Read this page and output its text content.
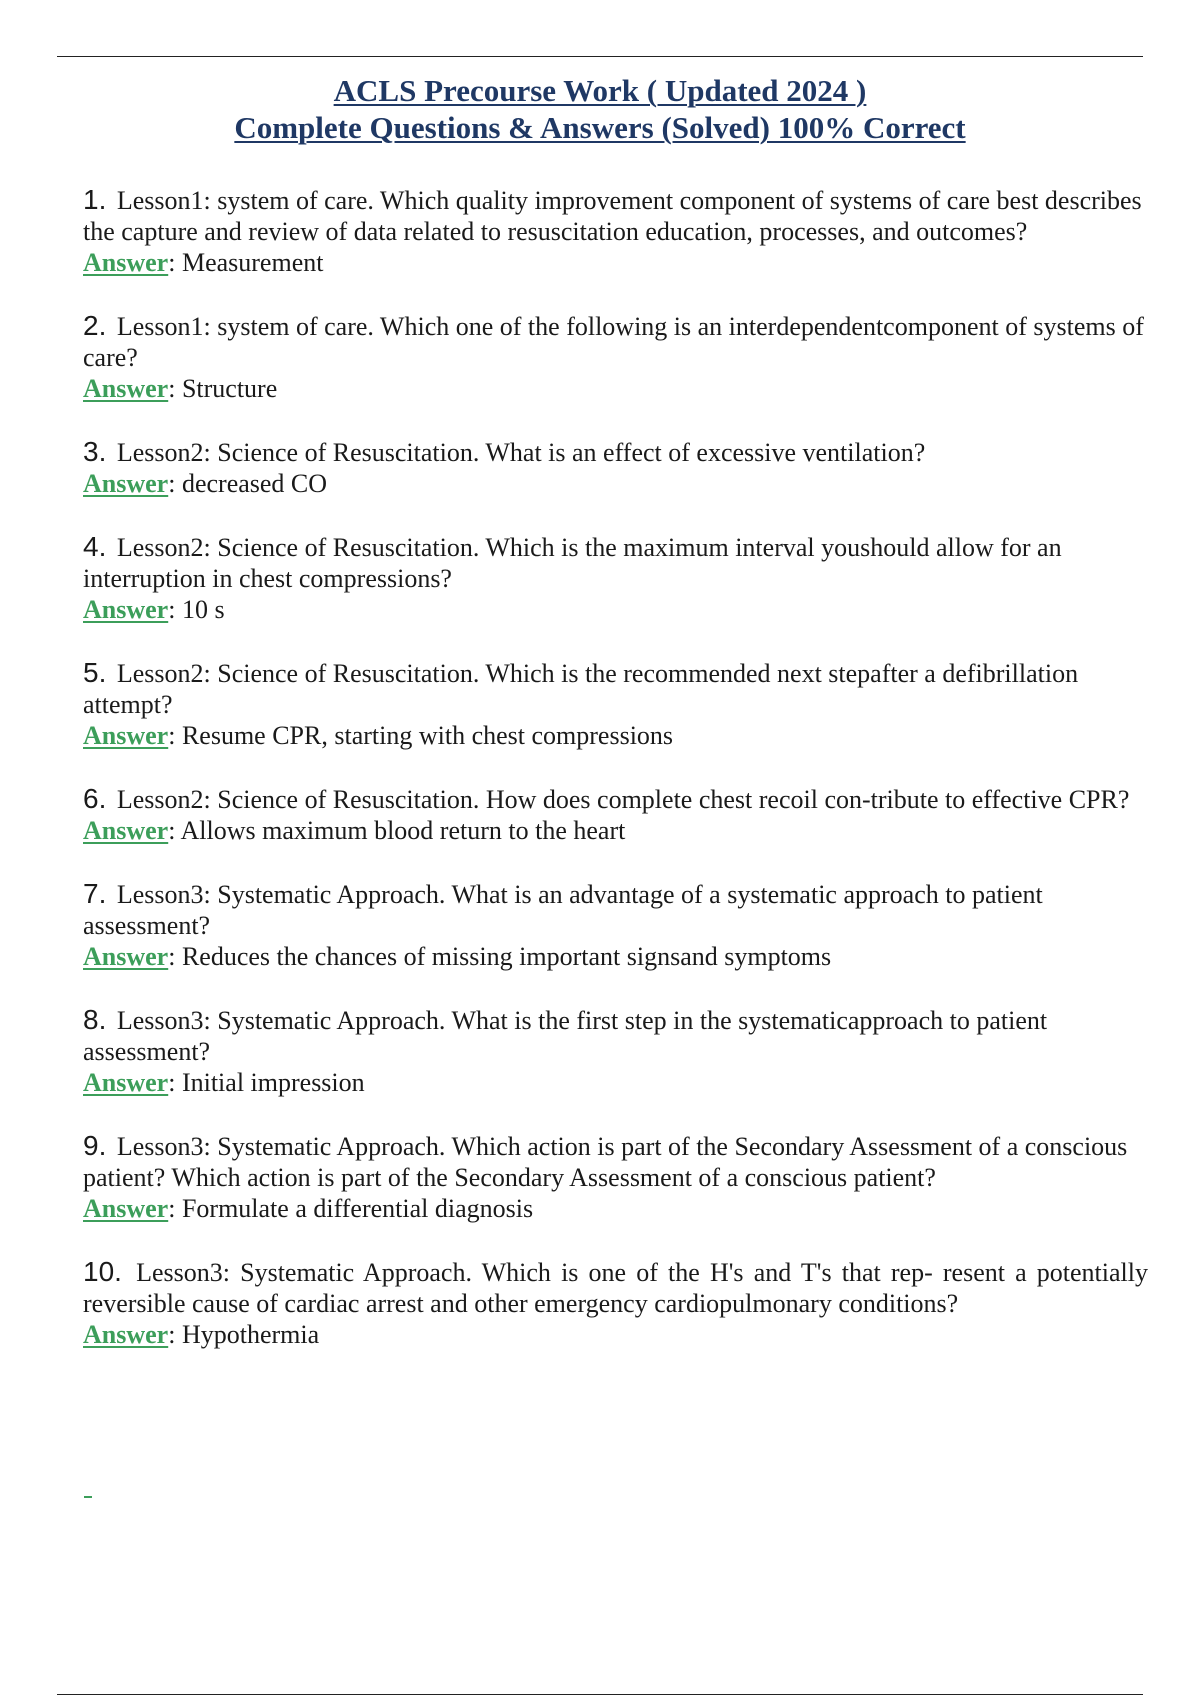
ACLS Precourse Work ( Updated 2024 )
Complete Questions & Answers (Solved) 100% Correct

1. Lesson1: system of care. Which quality improvement component of systems of care best describes the capture and review of data related to resuscitation education, processes, and outcomes?

Answer: Measurement

2. Lesson1: system of care. Which one of the following is an interdependentcomponent of systems of care?

Answer: Structure

3. Lesson2: Science of Resuscitation. What is an effect of excessive ventilation?

Answer: decreased CO

4. Lesson2: Science of Resuscitation. Which is the maximum interval youshould allow for an interruption in chest compressions?

Answer: 10 s

5. Lesson2: Science of Resuscitation. Which is the recommended next stepafter a defibrillation attempt?

Answer: Resume CPR, starting with chest compressions

6. Lesson2: Science of Resuscitation. How does complete chest recoil con-tribute to effective CPR?

Answer: Allows maximum blood return to the heart

7. Lesson3: Systematic Approach. What is an advantage of a systematic approach to patient assessment?

Answer: Reduces the chances of missing important signsand symptoms

8. Lesson3: Systematic Approach. What is the first step in the systematicapproach to patient assessment?

Answer: Initial impression

9. Lesson3: Systematic Approach. Which action is part of the Secondary Assessment of a conscious patient? Which action is part of the Secondary Assessment of a conscious patient?

Answer: Formulate a differential diagnosis

10. Lesson3: Systematic Approach. Which is one of the H's and T's that rep- resent a potentially reversible cause of cardiac arrest and other emergency cardiopulmonary conditions?

Answer: Hypothermia
